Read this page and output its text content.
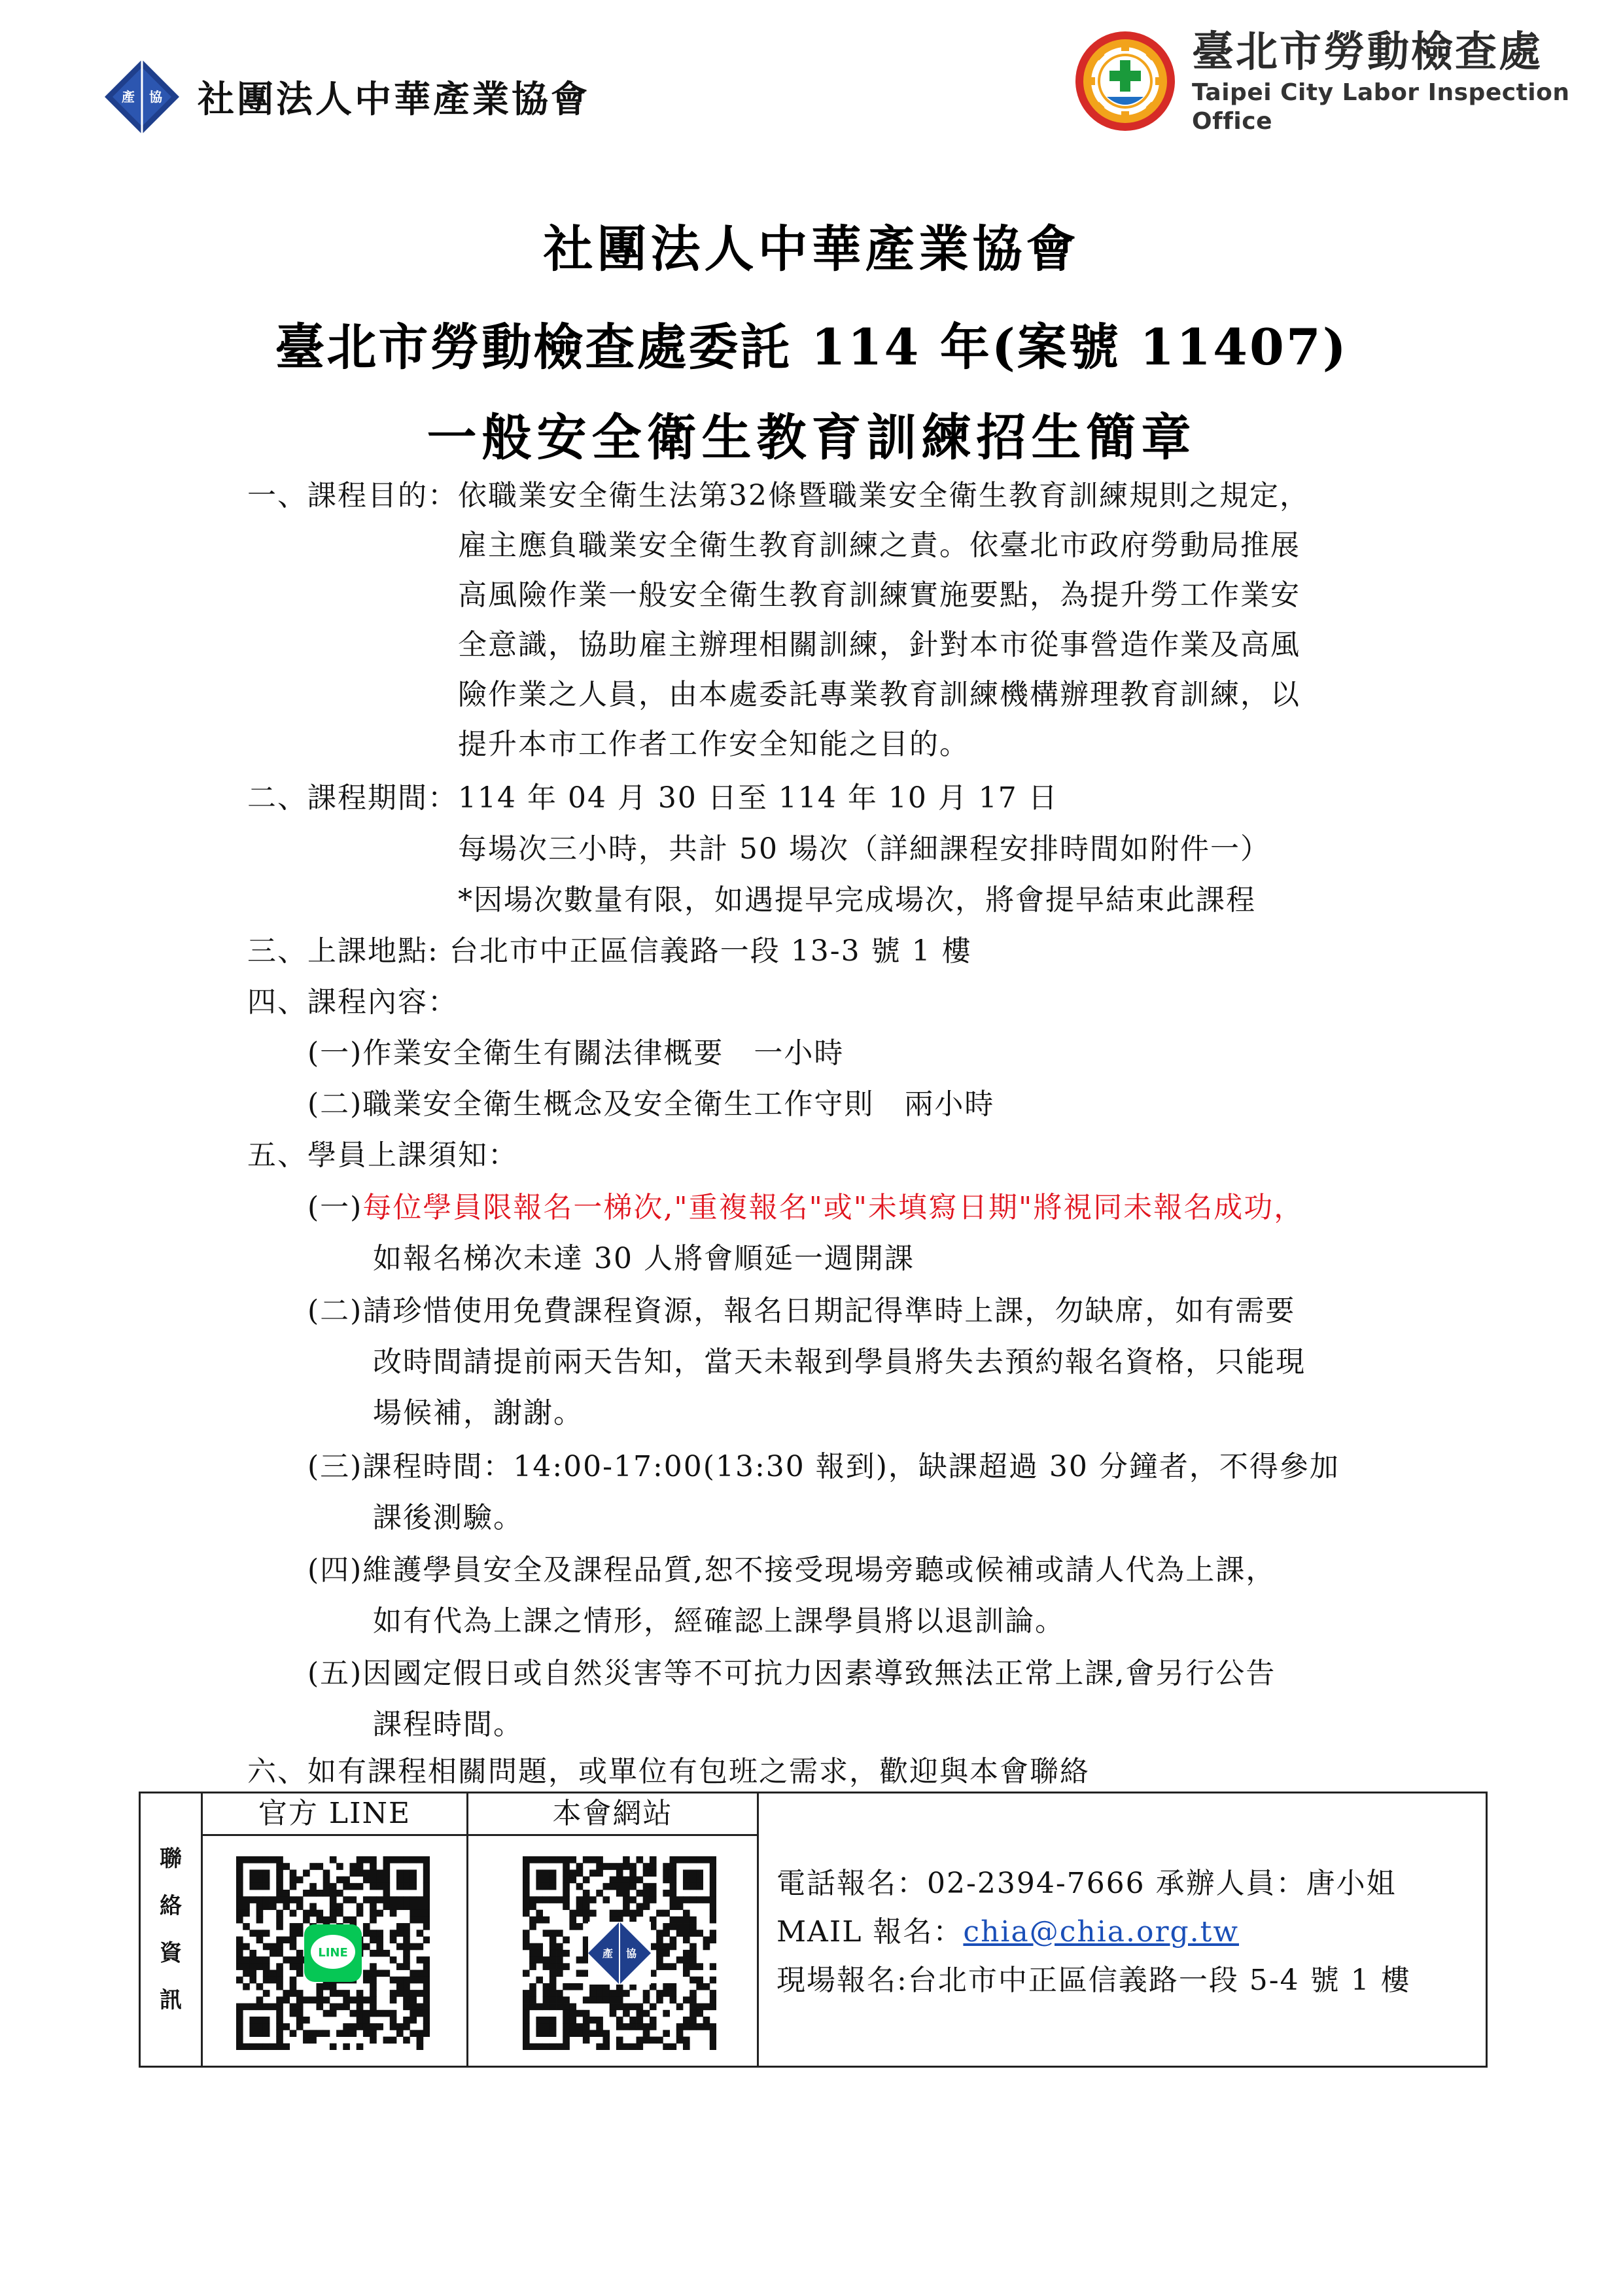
產 協 社團法人中華產業協會
臺北市勞動檢查處
Taipei City Labor Inspection Office
社團法人中華產業協會
臺北市勞動檢查處委託 114 年(案號 11407)
一般安全衛生教育訓練招生簡章
一、課程目的：依職業安全衛生法第32條暨職業安全衛生教育訓練規則之規定，
雇主應負職業安全衛生教育訓練之責。依臺北市政府勞動局推展
高風險作業一般安全衛生教育訓練實施要點，為提升勞工作業安
全意識，協助雇主辦理相關訓練，針對本市從事營造作業及高風
險作業之人員，由本處委託專業教育訓練機構辦理教育訓練，以
提升本市工作者工作安全知能之目的。
二、課程期間：114 年 04 月 30 日至 114 年 10 月 17 日
每場次三小時，共計 50 場次（詳細課程安排時間如附件一）
*因場次數量有限，如遇提早完成場次，將會提早結束此課程
三、上課地點: 台北市中正區信義路一段 13-3 號 1 樓
四、課程內容：
(一)作業安全衛生有關法律概要　一小時
(二)職業安全衛生概念及安全衛生工作守則　兩小時
五、學員上課須知：
(一)每位學員限報名一梯次,"重複報名"或"未填寫日期"將視同未報名成功，
如報名梯次未達 30 人將會順延一週開課
(二)請珍惜使用免費課程資源，報名日期記得準時上課，勿缺席，如有需要
改時間請提前兩天告知，當天未報到學員將失去預約報名資格，只能現
場候補，謝謝。
(三)課程時間：14:00-17:00(13:30 報到)，缺課超過 30 分鐘者，不得參加
課後測驗。
(四)維護學員安全及課程品質,恕不接受現場旁聽或候補或請人代為上課，
如有代為上課之情形，經確認上課學員將以退訓論。
(五)因國定假日或自然災害等不可抗力因素導致無法正常上課,會另行公告
課程時間。
六、如有課程相關問題，或單位有包班之需求，歡迎與本會聯絡
聯
絡
資
訊
官方 LINE	本會網站
LINE	產 協
電話報名：02-2394-7666 承辦人員：唐小姐
MAIL 報名：chia@chia.org.tw
現場報名:台北市中正區信義路一段 5-4 號 1 樓
